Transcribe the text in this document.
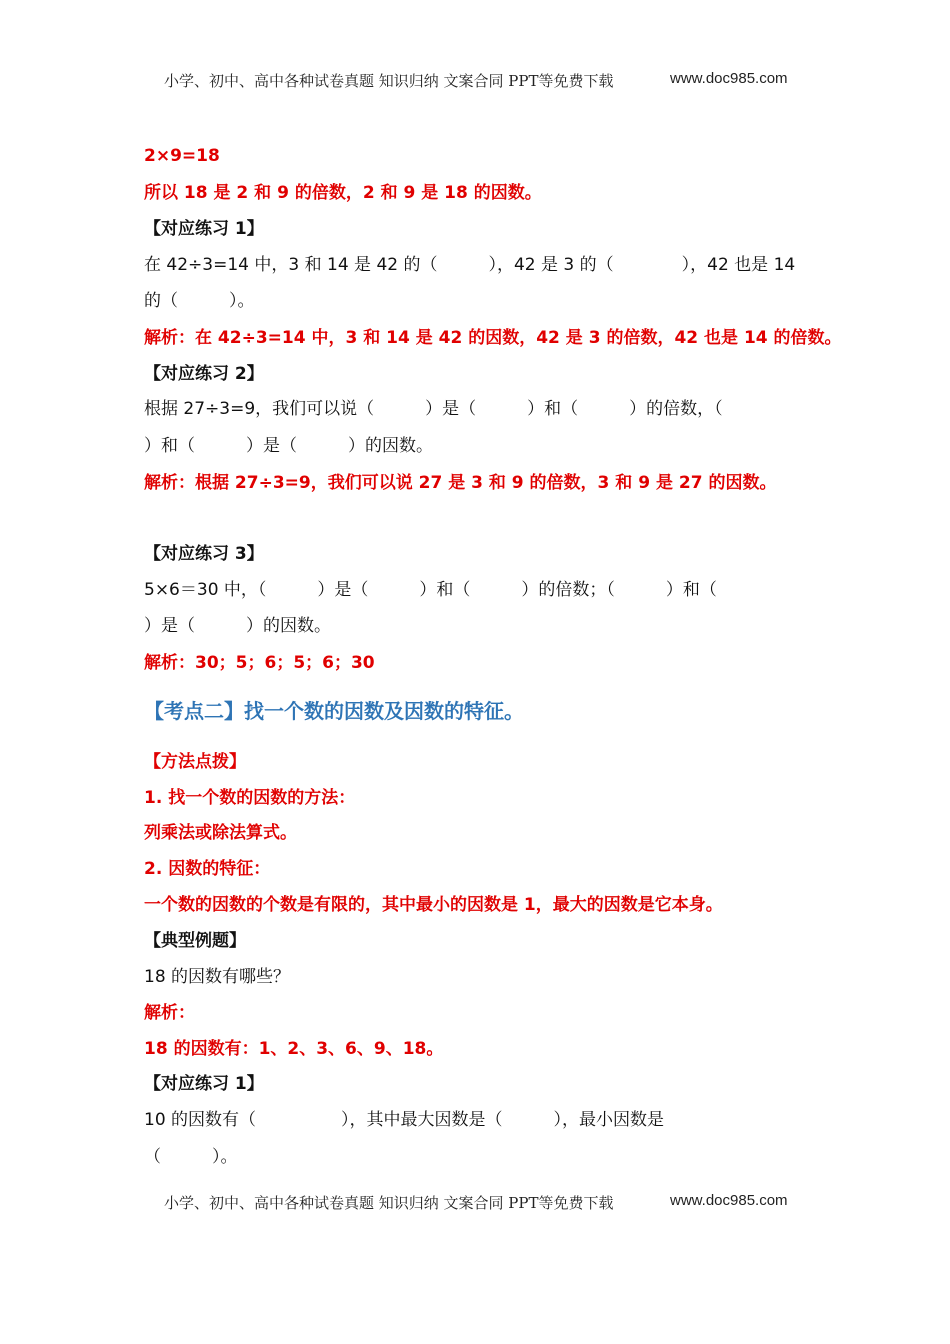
小学、初中、高中各种试卷真题 知识归纳 文案合同 PPT等免费下载	www.doc985.com
2×9=18
所以 18 是 2 和 9 的倍数，2 和 9 是 18 的因数。
【对应练习 1】
在 42÷3=14 中，3 和 14 是 42 的（　　　），42 是 3 的（　　　　），42 也是 14
的（　　　）。
解析：在 42÷3=14 中，3 和 14 是 42 的因数，42 是 3 的倍数，42 也是 14 的倍数。
【对应练习 2】
根据 27÷3=9，我们可以说（　　　）是（　　　）和（　　　）的倍数，（
）和（　　　）是（　　　）的因数。
解析：根据 27÷3=9，我们可以说 27 是 3 和 9 的倍数，3 和 9 是 27 的因数。
【对应练习 3】
5×6＝30 中，（　　　）是（　　　）和（　　　）的倍数；（　　　）和（
）是（　　　）的因数。
解析：30；5；6；5；6；30
【考点二】找一个数的因数及因数的特征。
【方法点拨】
1. 找一个数的因数的方法：
列乘法或除法算式。
2. 因数的特征：
一个数的因数的个数是有限的，其中最小的因数是 1，最大的因数是它本身。
【典型例题】
18 的因数有哪些？
解析：
18 的因数有：1、2、3、6、9、18。
【对应练习 1】
10 的因数有（　　　　　），其中最大因数是（　　　），最小因数是
（　　　）。
小学、初中、高中各种试卷真题 知识归纳 文案合同 PPT等免费下载	www.doc985.com
